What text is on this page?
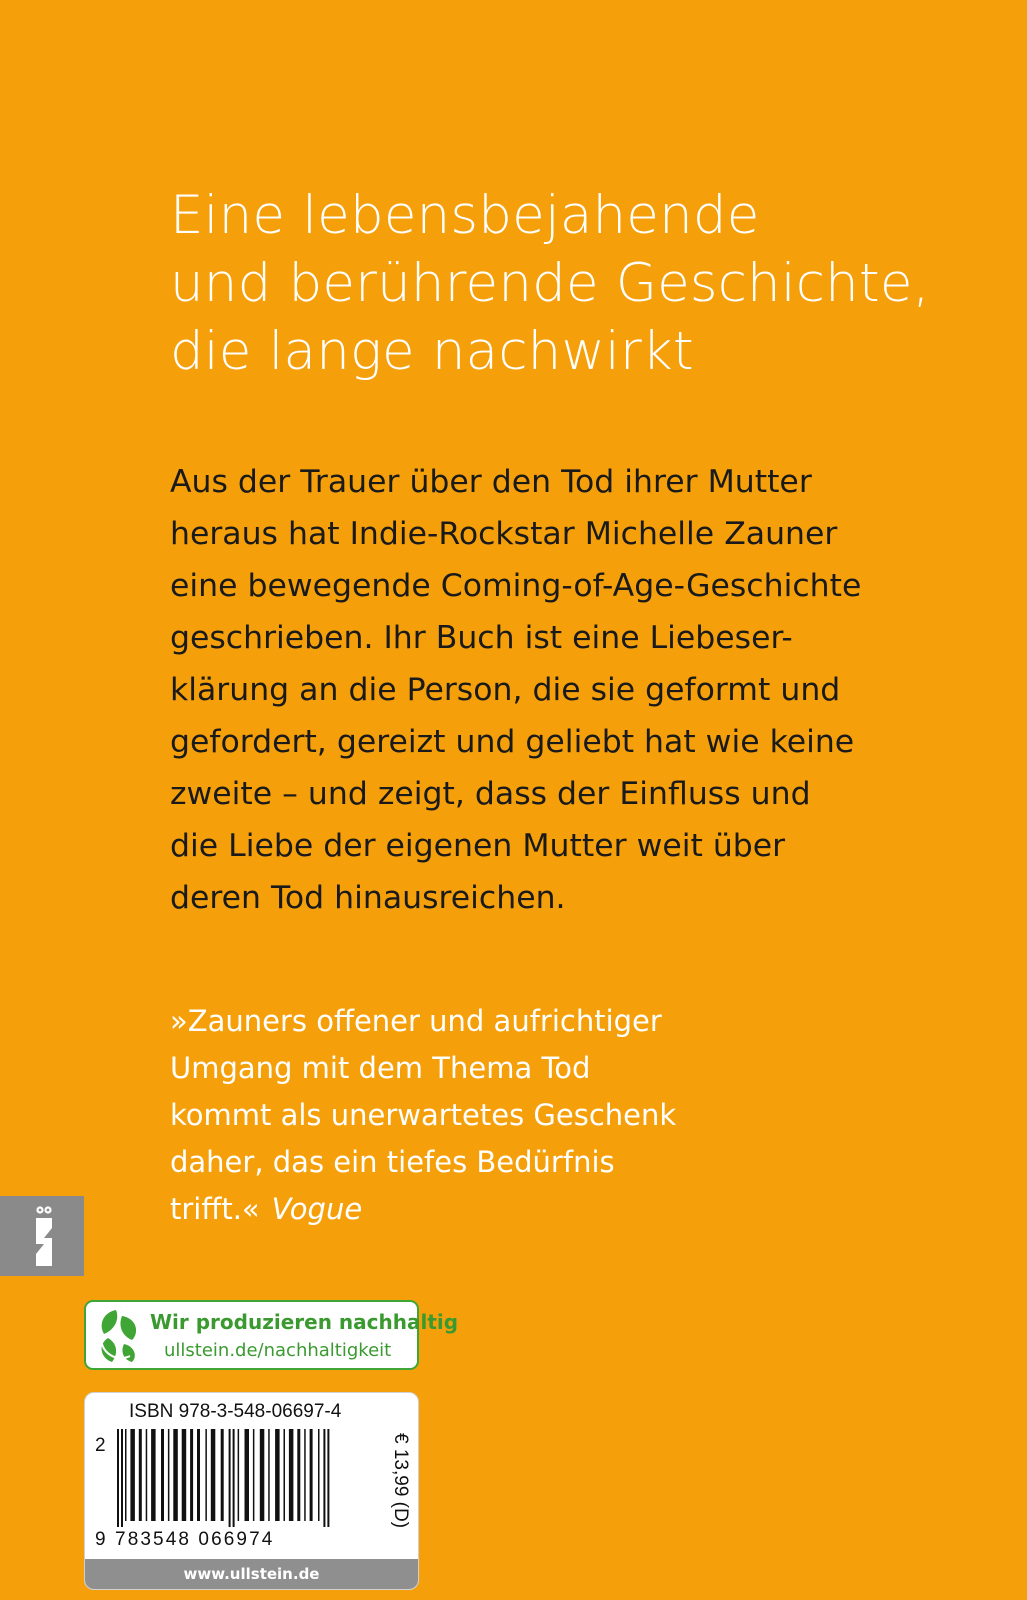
Eine lebensbejahende
und berührende Geschichte,
die lange nachwirkt
Aus der Trauer über den Tod ihrer Mutter
heraus hat Indie-Rockstar Michelle Zauner
eine bewegende Coming-of-Age-Geschichte
geschrieben. Ihr Buch ist eine Liebeser-
klärung an die Person, die sie geformt und
gefordert, gereizt und geliebt hat wie keine
zweite – und zeigt, dass der Einfluss und
die Liebe der eigenen Mutter weit über
deren Tod hinausreichen.
»Zauners offener und aufrichtiger
Umgang mit dem Thema Tod
kommt als unerwartetes Geschenk
daher, das ein tiefes Bedürfnis
trifft.« Vogue
Wir produzieren nachhaltig
ullstein.de/nachhaltigkeit
ISBN 978-3-548-06697-4
2
9 783548 066974
€ 13,99 (D)
www.ullstein.de
